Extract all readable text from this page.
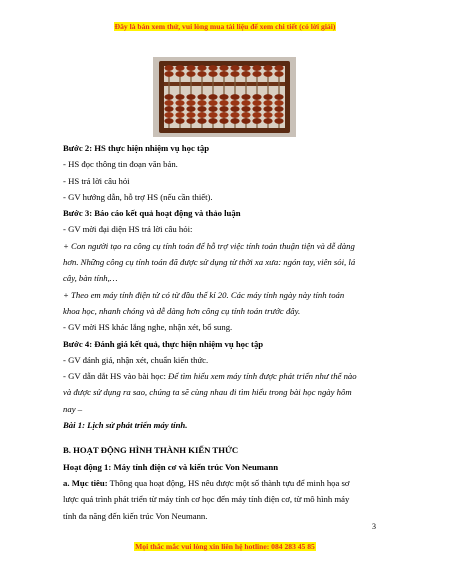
Đây là bản xem thử, vui lòng mua tài liệu để xem chi tiết (có lời giải)

Bước 2: HS thực hiện nhiệm vụ học tập

- HS đọc thông tin đoạn văn bản.

- HS trả lời câu hỏi

- GV hướng dẫn, hỗ trợ HS (nếu cần thiết).

Bước 3: Báo cáo kết quả hoạt động và thảo luận

- GV mời đại diện HS trả lời câu hỏi:

+ Con người tạo ra công cụ tính toán để hỗ trợ việc tính toán thuận tiện và dễ dàng hơn. Những công cụ tính toán đã được sử dụng từ thời xa xưa: ngón tay, viên sỏi, lá cây, bàn tính,…

+ Theo em máy tính điện tử có từ đầu thế kỉ 20. Các máy tính ngày này tính toán khoa học, nhanh chóng và dễ dàng hơn công cụ tính toán trước đây.

- GV mời HS khác lắng nghe, nhận xét, bổ sung.

Bước 4: Đánh giá kết quả, thực hiện nhiệm vụ học tập

- GV đánh giá, nhận xét, chuẩn kiến thức.

- GV dẫn dắt HS vào bài học: Để tìm hiểu xem máy tính được phát triển như thế nào và được sử dụng ra sao, chúng ta sẽ cùng nhau đi tìm hiểu trong bài học ngày hôm nay –

Bài 1: Lịch sử phát triển máy tính.

B. HOẠT ĐỘNG HÌNH THÀNH KIẾN THỨC

Hoạt động 1: Máy tính điện cơ và kiến trúc Von Neumann

a. Mục tiêu: Thông qua hoạt động, HS nêu được một số thành tựu để minh họa sơ lược quá trình phát triển từ máy tính cơ học đến máy tính điện cơ, từ mô hình máy tính đa năng đến kiến trúc Von Neumann.

3
Mọi thắc mắc vui lòng xin liên hệ hotline: 084 283 45 85
